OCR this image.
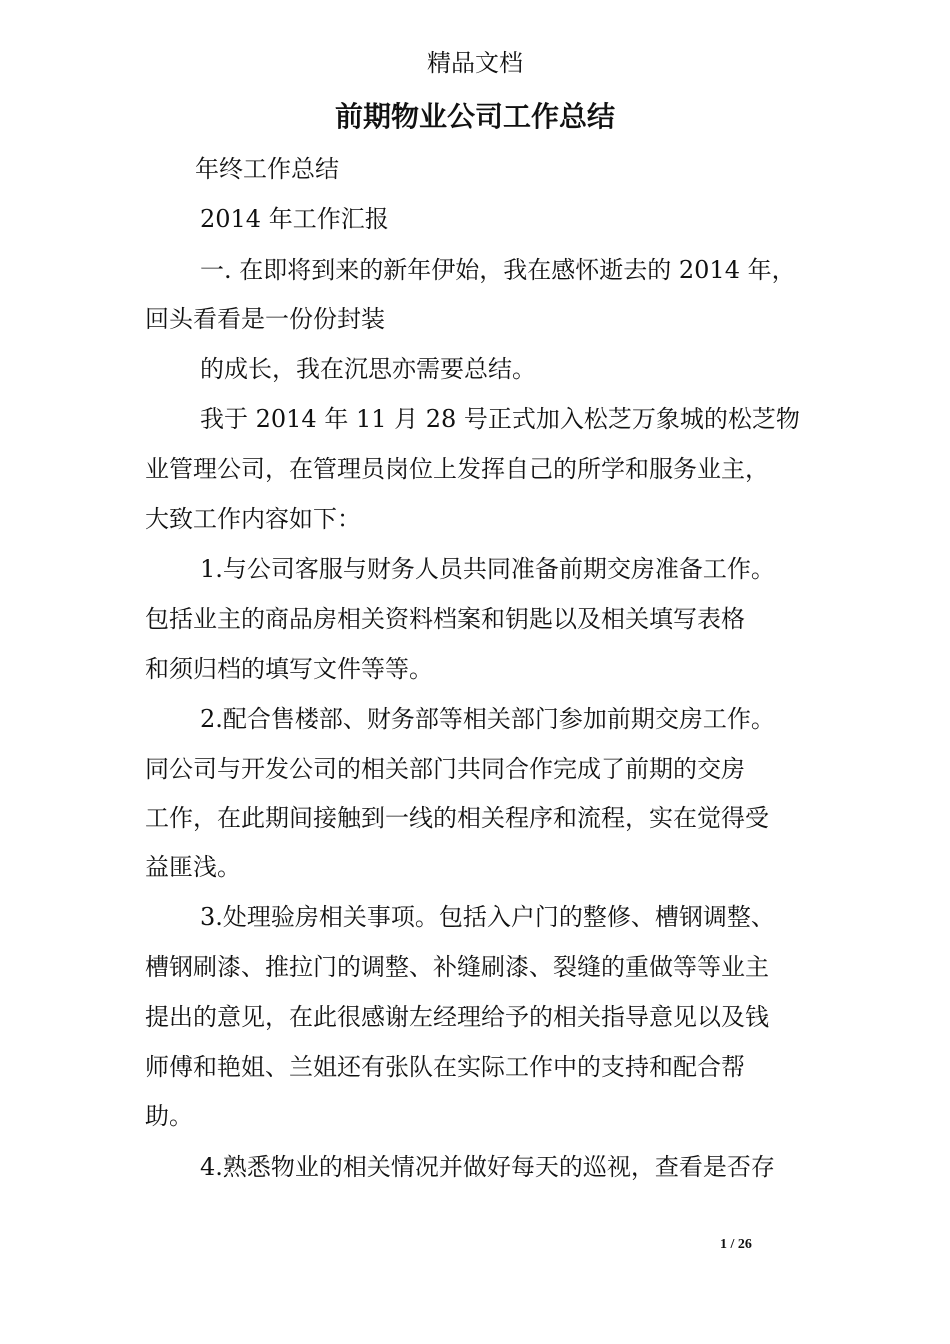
精品文档
前期物业公司工作总结
年终工作总结
2014 年工作汇报
一. 在即将到来的新年伊始，我在感怀逝去的 2014 年，
回头看看是一份份封装
的成长，我在沉思亦需要总结。
我于 2014 年 11 月 28 号正式加入松芝万象城的松芝物
业管理公司，在管理员岗位上发挥自己的所学和服务业主，
大致工作内容如下：
1.与公司客服与财务人员共同准备前期交房准备工作。
包括业主的商品房相关资料档案和钥匙以及相关填写表格
和须归档的填写文件等等。
2.配合售楼部、财务部等相关部门参加前期交房工作。
同公司与开发公司的相关部门共同合作完成了前期的交房
工作，在此期间接触到一线的相关程序和流程，实在觉得受
益匪浅。
3.处理验房相关事项。包括入户门的整修、槽钢调整、
槽钢刷漆、推拉门的调整、补缝刷漆、裂缝的重做等等业主
提出的意见，在此很感谢左经理给予的相关指导意见以及钱
师傅和艳姐、兰姐还有张队在实际工作中的支持和配合帮
助。
4.熟悉物业的相关情况并做好每天的巡视，查看是否存
1 / 26
